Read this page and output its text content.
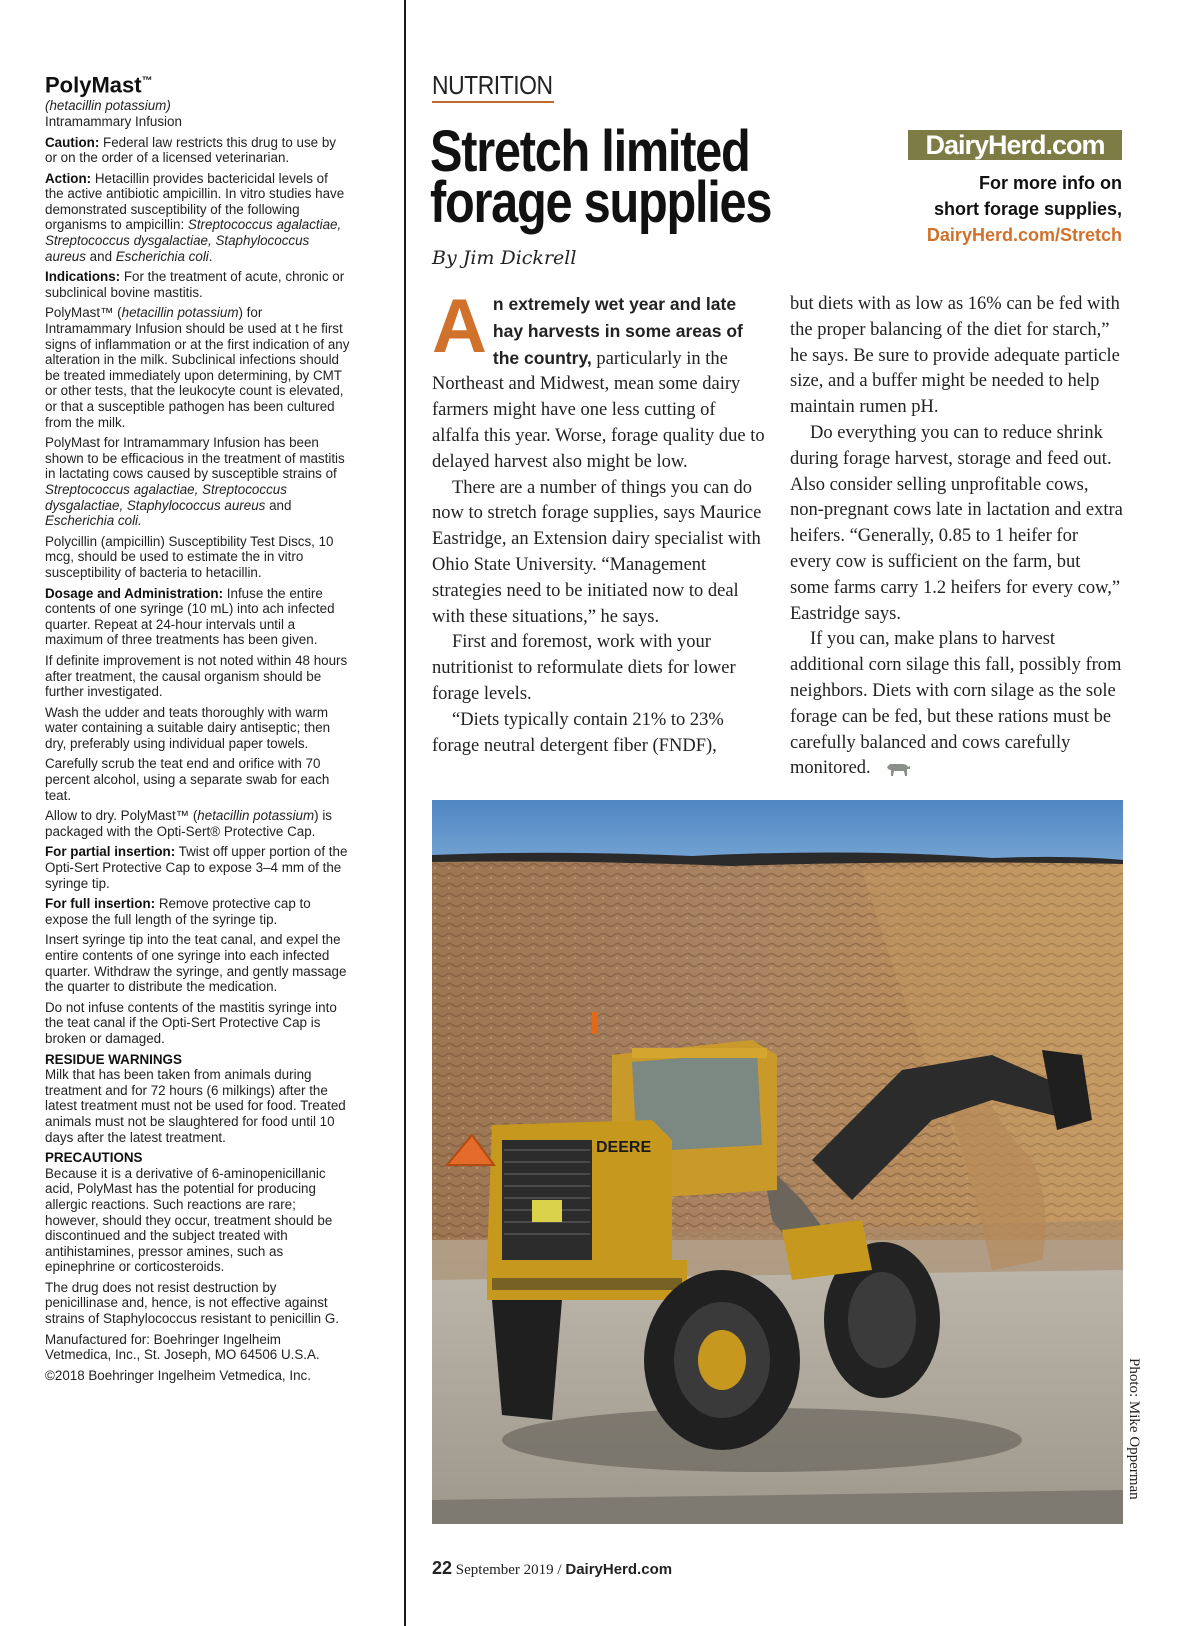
PolyMast™

(hetacillin potassium)

Intramammary Infusion

Caution: Federal law restricts this drug to use by or on the order of a licensed veterinarian.

Action: Hetacillin provides bactericidal levels of the active antibiotic ampicillin. In vitro studies have demonstrated susceptibility of the following organisms to ampicillin: Streptococcus agalactiae, Streptococcus dysgalactiae, Staphylococcus aureus and Escherichia coli.

Indications: For the treatment of acute, chronic or subclinical bovine mastitis.

PolyMast™ (hetacillin potassium) for Intramammary Infusion should be used at t he first signs of inflammation or at the first indication of any alteration in the milk. Subclinical infections should be treated immediately upon determining, by CMT or other tests, that the leukocyte count is elevated, or that a susceptible pathogen has been cultured from the milk.

PolyMast for Intramammary Infusion has been shown to be efficacious in the treatment of mastitis in lactating cows caused by susceptible strains of Streptococcus agalactiae, Streptococcus dysgalactiae, Staphylococcus aureus and Escherichia coli.

Polycillin (ampicillin) Susceptibility Test Discs, 10 mcg, should be used to estimate the in vitro susceptibility of bacteria to hetacillin.

Dosage and Administration: Infuse the entire contents of one syringe (10 mL) into ach infected quarter. Repeat at 24-hour intervals until a maximum of three treatments has been given.

If definite improvement is not noted within 48 hours after treatment, the causal organism should be further investigated.

Wash the udder and teats thoroughly with warm water containing a suitable dairy antiseptic; then dry, preferably using individual paper towels.

Carefully scrub the teat end and orifice with 70 percent alcohol, using a separate swab for each teat.

Allow to dry. PolyMast™ (hetacillin potassium) is packaged with the Opti-Sert® Protective Cap.

For partial insertion: Twist off upper portion of the Opti-Sert Protective Cap to expose 3–4 mm of the syringe tip.

For full insertion: Remove protective cap to expose the full length of the syringe tip.

Insert syringe tip into the teat canal, and expel the entire contents of one syringe into each infected quarter. Withdraw the syringe, and gently massage the quarter to distribute the medication.

Do not infuse contents of the mastitis syringe into the teat canal if the Opti-Sert Protective Cap is broken or damaged.

RESIDUE WARNINGS

Milk that has been taken from animals during treatment and for 72 hours (6 milkings) after the latest treatment must not be used for food. Treated animals must not be slaughtered for food until 10 days after the latest treatment.

PRECAUTIONS

Because it is a derivative of 6-aminopenicillanic acid, PolyMast has the potential for producing allergic reactions. Such reactions are rare; however, should they occur, treatment should be discontinued and the subject treated with antihistamines, pressor amines, such as epinephrine or corticosteroids.

The drug does not resist destruction by penicillinase and, hence, is not effective against strains of Staphylococcus resistant to penicillin G.

Manufactured for: Boehringer Ingelheim Vetmedica, Inc., St. Joseph, MO 64506 U.S.A.

©2018 Boehringer Ingelheim Vetmedica, Inc.

NUTRITION
Stretch limited
forage supplies
By Jim Dickrell
DairyHerd.com
For more info on
short forage supplies,
DairyHerd.com/Stretch

An extremely wet year and late hay harvests in some areas of the country, particularly in the Northeast and Midwest, mean some dairy farmers might have one less cutting of alfalfa this year. Worse, forage quality due to delayed harvest also might be low.

There are a number of things you can do now to stretch forage supplies, says Maurice Eastridge, an Extension dairy specialist with Ohio State University. “Management strategies need to be initiated now to deal with these situations,” he says.

First and foremost, work with your nutritionist to reformulate diets for lower forage levels.

“Diets typically contain 21% to 23% forage neutral detergent fiber (FNDF),

but diets with as low as 16% can be fed with the proper balancing of the diet for starch,” he says. Be sure to provide adequate particle size, and a buffer might be needed to help maintain rumen pH.

Do everything you can to reduce shrink during forage harvest, storage and feed out. Also consider selling unprofitable cows, non-pregnant cows late in lactation and extra heifers. “Generally, 0.85 to 1 heifer for every cow is sufficient on the farm, but some farms carry 1.2 heifers for every cow,” Eastridge says.

If you can, make plans to harvest additional corn silage this fall, possibly from neighbors. Diets with corn silage as the sole forage can be fed, but these rations must be carefully balanced and cows carefully monitored.

DEERE
Photo: Mike Opperman
22 September 2019 / DairyHerd.com
